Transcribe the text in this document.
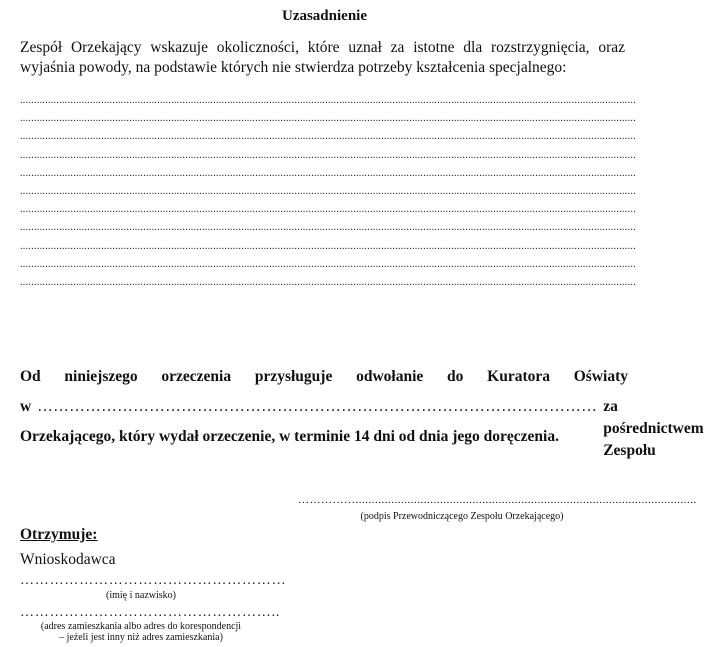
Uzasadnienie
Zespół Orzekający wskazuje okoliczności, które uznał za istotne dla rozstrzygnięcia, oraz
wyjaśnia powody, na podstawie których nie stwierdza potrzeby kształcenia specjalnego:
............................................................................................................................................................................................................................
............................................................................................................................................................................................................................
............................................................................................................................................................................................................................
............................................................................................................................................................................................................................
............................................................................................................................................................................................................................
............................................................................................................................................................................................................................
............................................................................................................................................................................................................................
............................................................................................................................................................................................................................
............................................................................................................................................................................................................................
............................................................................................................................................................................................................................
............................................................................................................................................................................................................................
Od niniejszego orzeczenia przysługuje odwołanie do Kuratora Oświaty
w …………………………………………………………………………………………… za pośrednictwem Zespołu
Orzekającego, który wydał orzeczenie, w terminie 14 dni od dnia jego doręczenia.
…………….........................................................................................................
(podpis Przewodniczącego Zespołu Orzekającego)
Otrzymuje:
Wnioskodawca
………………………………………………
(imię i nazwisko)
……………………………………………..
(adres zamieszkania albo adres do korespondencji
– jeżeli jest inny niż adres zamieszkania)
